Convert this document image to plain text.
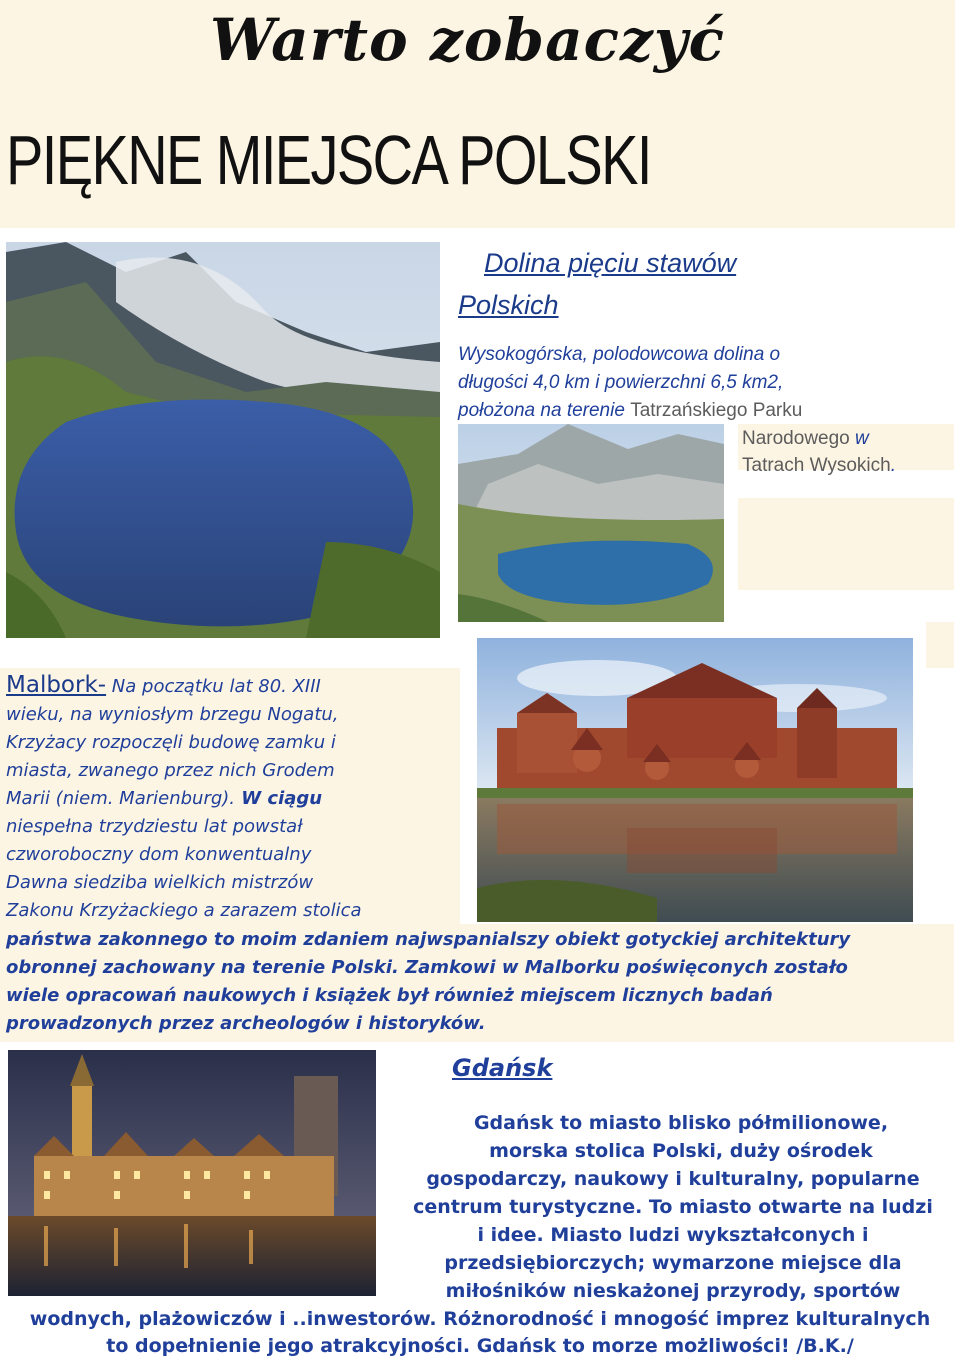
Warto zobaczyć
PIĘKNE MIEJSCA POLSKI
Dolina pięciu stawów
Polskich
Wysokogórska, polodowcowa dolina o
długości 4,0 km i powierzchni 6,5 km2,
położona na terenie Tatrzańskiego Parku
Narodowego w
Tatrach Wysokich.
Malbork- Na początku lat 80. XIII
wieku, na wyniosłym brzegu Nogatu,
Krzyżacy rozpoczęli budowę zamku i
miasta, zwanego przez nich Grodem
Marii (niem. Marienburg). W ciągu
niespełna trzydziestu lat powstał
czworoboczny dom konwentualny
Dawna siedziba wielkich mistrzów
Zakonu Krzyżackiego a zarazem stolica
państwa zakonnego to moim zdaniem najwspanialszy obiekt gotyckiej architektury
obronnej zachowany na terenie Polski. Zamkowi w Malborku poświęconych zostało
wiele opracowań naukowych i książek był również miejscem licznych badań
prowadzonych przez archeologów i historyków.
Gdańsk
Gdańsk to miasto blisko półmilionowe,
morska stolica Polski, duży ośrodek
gospodarczy, naukowy i kulturalny, popularne
centrum turystyczne. To miasto otwarte na ludzi
i idee. Miasto ludzi wykształconych i
przedsiębiorczych; wymarzone miejsce dla
miłośników nieskażonej przyrody, sportów
wodnych, plażowiczów i ..inwestorów. Różnorodność i mnogość imprez kulturalnych
to dopełnienie jego atrakcyjności. Gdańsk to morze możliwości! /B.K./
